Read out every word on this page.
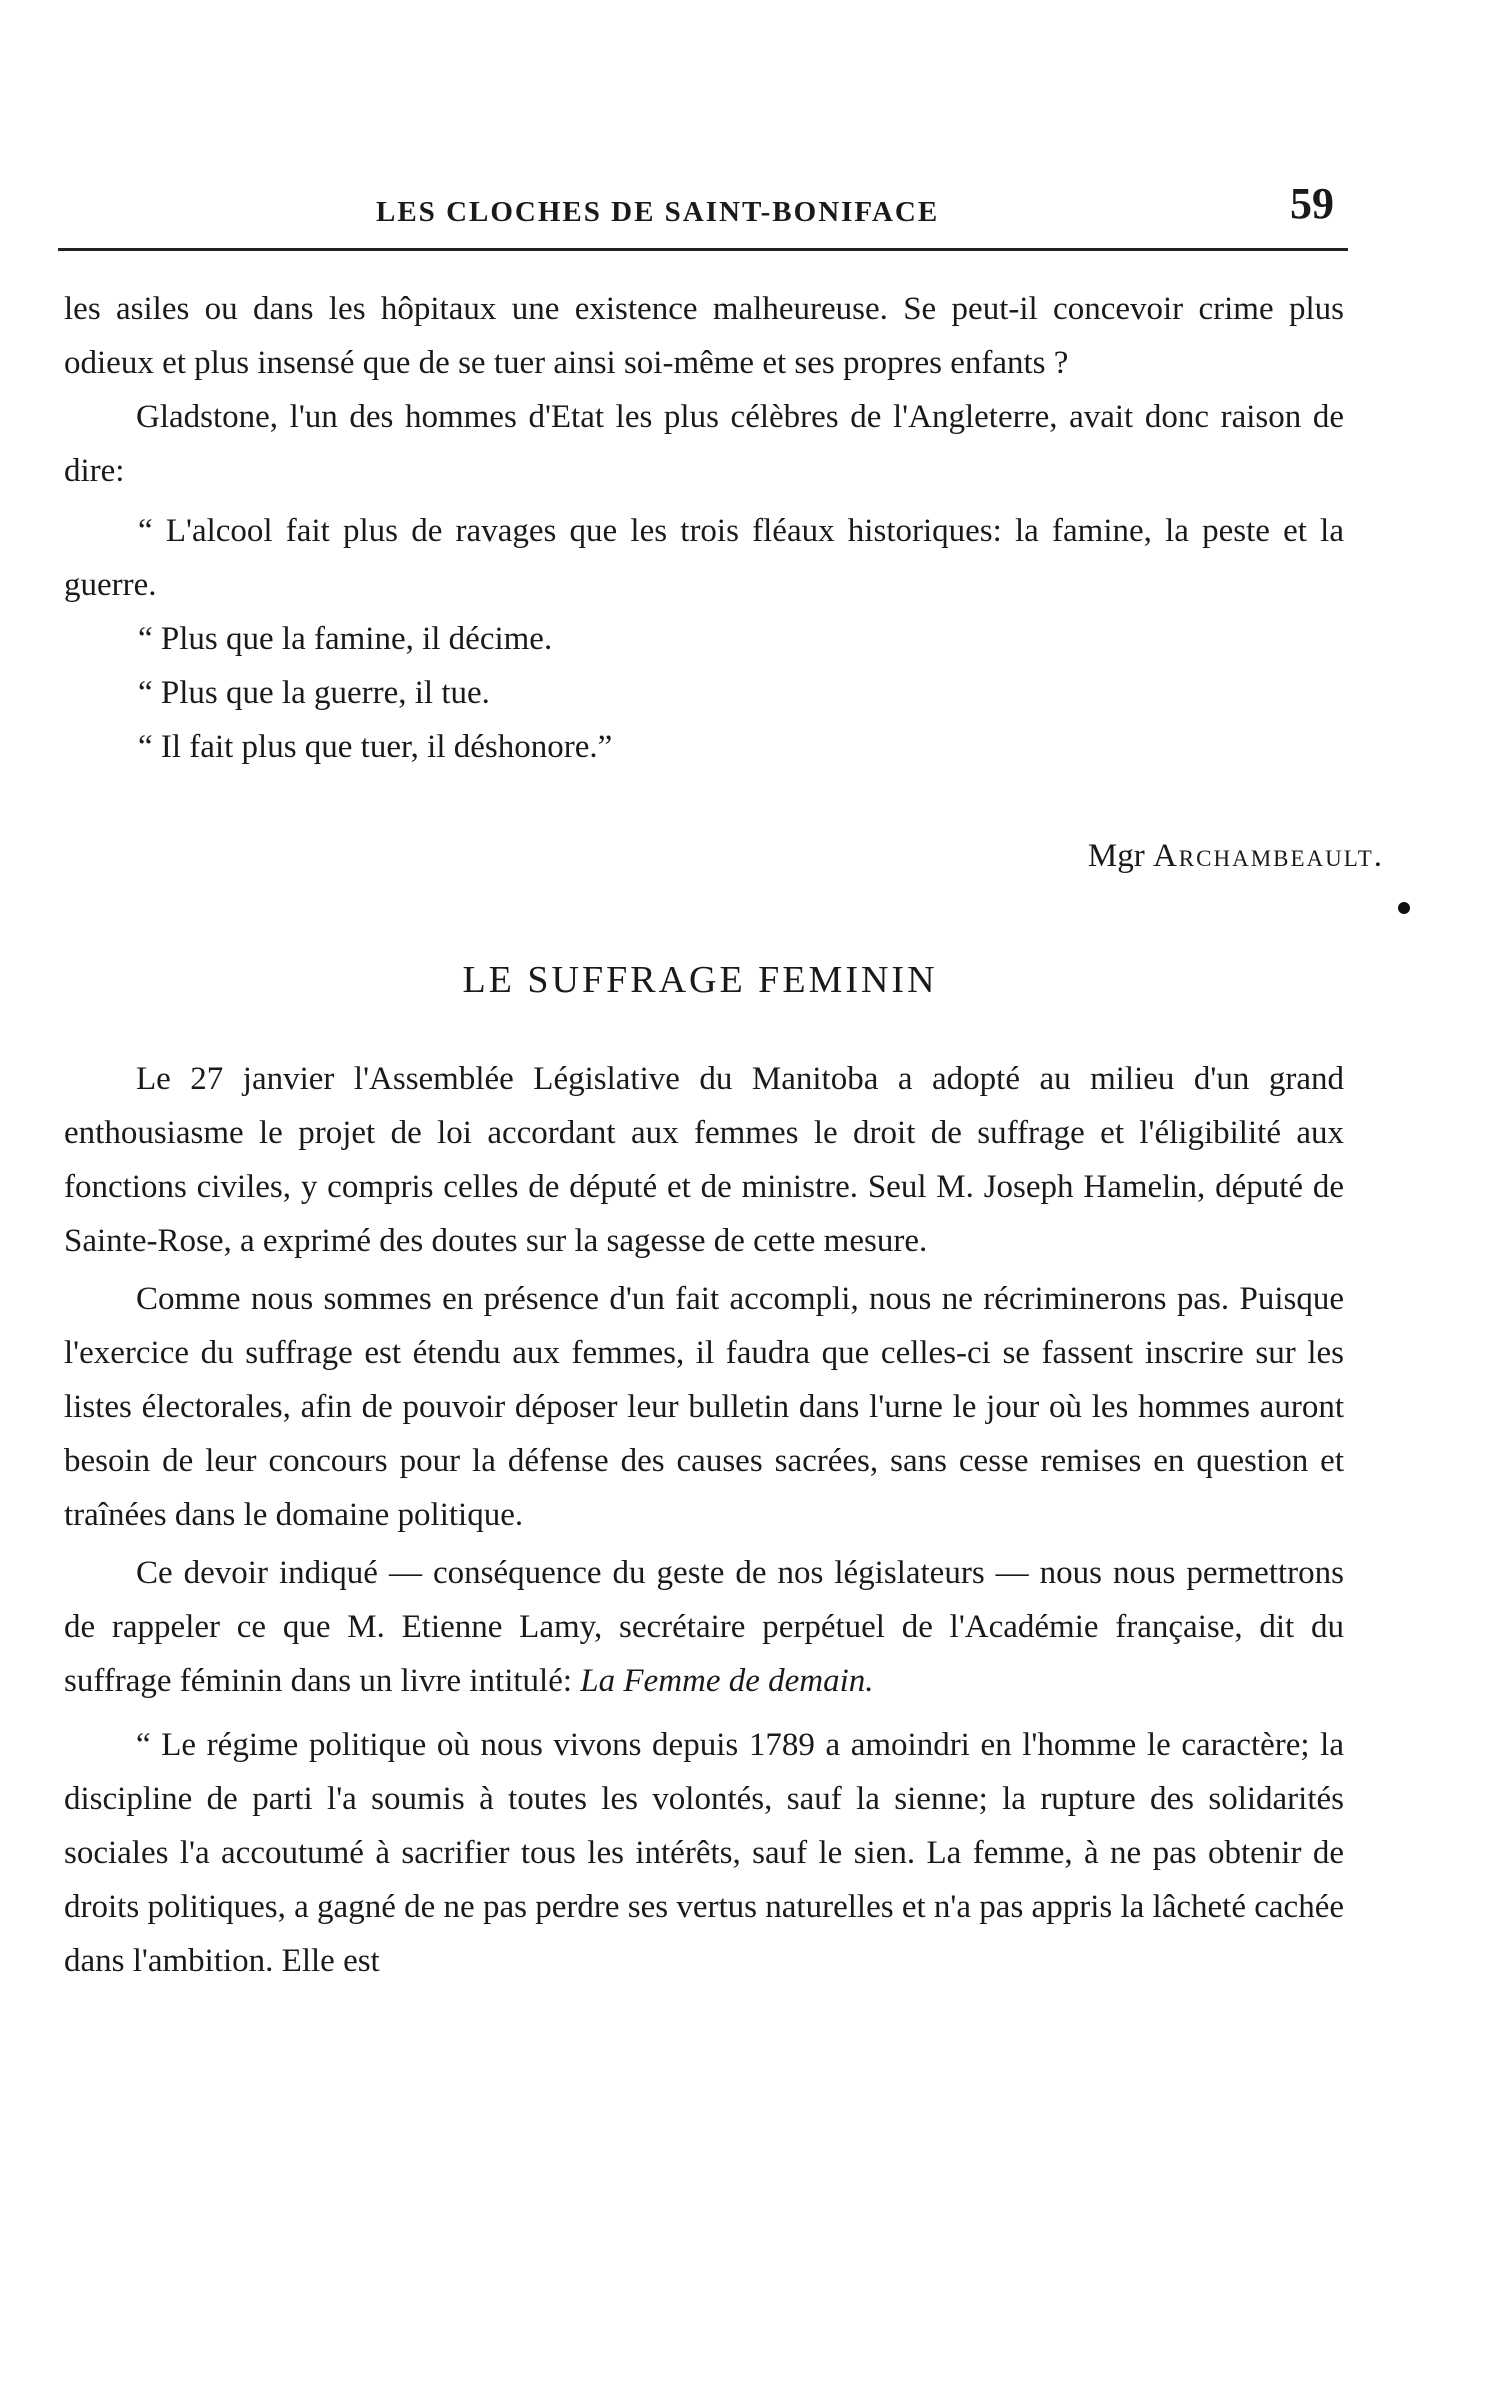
LES CLOCHES DE SAINT-BONIFACE	59

les asiles ou dans les hôpitaux une existence malheureuse. Se peut-il concevoir crime plus odieux et plus insensé que de se tuer ainsi soi-même et ses propres enfants ?

Gladstone, l'un des hommes d'Etat les plus célèbres de l'Angleterre, avait donc raison de dire:

“ L'alcool fait plus de ravages que les trois fléaux historiques: la famine, la peste et la guerre.

“ Plus que la famine, il décime.

“ Plus que la guerre, il tue.

“ Il fait plus que tuer, il déshonore.”

Mgr Archambeault.
LE SUFFRAGE FEMININ

Le 27 janvier l'Assemblée Législative du Manitoba a adopté au milieu d'un grand enthousiasme le projet de loi accordant aux femmes le droit de suffrage et l'éligibilité aux fonctions civiles, y compris celles de député et de ministre. Seul M. Joseph Hamelin, député de Sainte-Rose, a exprimé des doutes sur la sagesse de cette mesure.

Comme nous sommes en présence d'un fait accompli, nous ne récriminerons pas. Puisque l'exercice du suffrage est étendu aux femmes, il faudra que celles-ci se fassent inscrire sur les listes électorales, afin de pouvoir déposer leur bulletin dans l'urne le jour où les hommes auront besoin de leur concours pour la défense des causes sacrées, sans cesse remises en question et traînées dans le domaine politique.

Ce devoir indiqué — conséquence du geste de nos législateurs — nous nous permettrons de rappeler ce que M. Etienne Lamy, secrétaire perpétuel de l'Académie française, dit du suffrage féminin dans un livre intitulé: La Femme de demain.

“ Le régime politique où nous vivons depuis 1789 a amoindri en l'homme le caractère; la discipline de parti l'a soumis à toutes les volontés, sauf la sienne; la rupture des solidarités sociales l'a accoutumé à sacrifier tous les intérêts, sauf le sien. La femme, à ne pas obtenir de droits politiques, a gagné de ne pas perdre ses vertus naturelles et n'a pas appris la lâcheté cachée dans l'ambition. Elle est
